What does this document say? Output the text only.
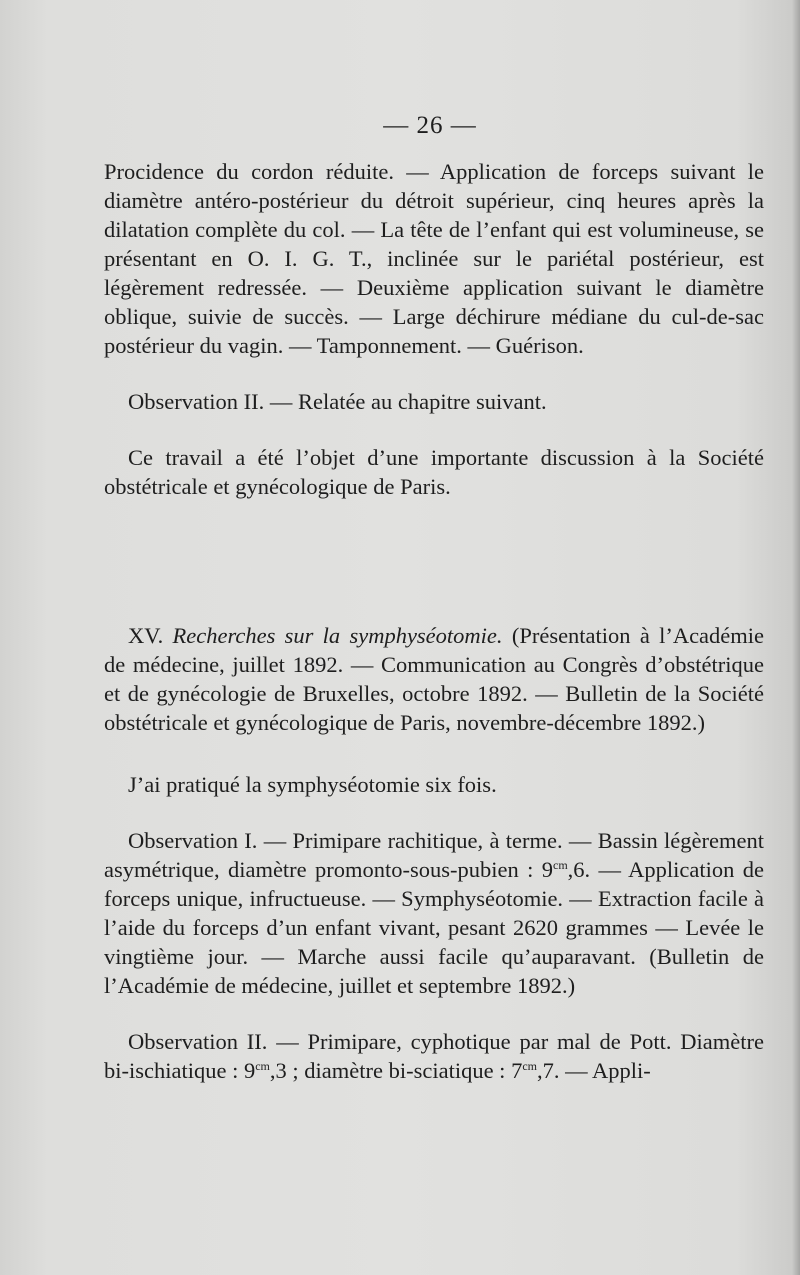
— 26 —

Procidence du cordon réduite. — Application de forceps suivant le diamètre antéro-postérieur du détroit supérieur, cinq heures après la dilatation complète du col. — La tête de l’enfant qui est volumineuse, se présentant en O. I. G. T., inclinée sur le pariétal postérieur, est légèrement redressée. — Deuxième application suivant le diamètre oblique, suivie de succès. — Large déchirure médiane du cul-de-sac postérieur du vagin. — Tamponnement. — Guérison.

Observation II. — Relatée au chapitre suivant.

Ce travail a été l’objet d’une importante discussion à la Société obstétricale et gynécologique de Paris.

XV. Recherches sur la symphyséotomie. (Présentation à l’Académie de médecine, juillet 1892. — Communication au Congrès d’obstétrique et de gynécologie de Bruxelles, octobre 1892. — Bulletin de la Société obstétricale et gynécologique de Paris, novembre-décembre 1892.)

J’ai pratiqué la symphyséotomie six fois.

Observation I. — Primipare rachitique, à terme. — Bassin légèrement asymétrique, diamètre promonto-sous-pubien : $9^{cm},6$. — Application de forceps unique, infructueuse. — Symphyséotomie. — Extraction facile à l’aide du forceps d’un enfant vivant, pesant 2620 grammes — Levée le vingtième jour. — Marche aussi facile qu’auparavant. (Bulletin de l’Académie de médecine, juillet et septembre 1892.)

Observation II. — Primipare, cyphotique par mal de Pott. Diamètre bi-ischiatique : $9^{cm},3$ ; diamètre bi-sciatique : $7^{cm},7$. — Appli-
